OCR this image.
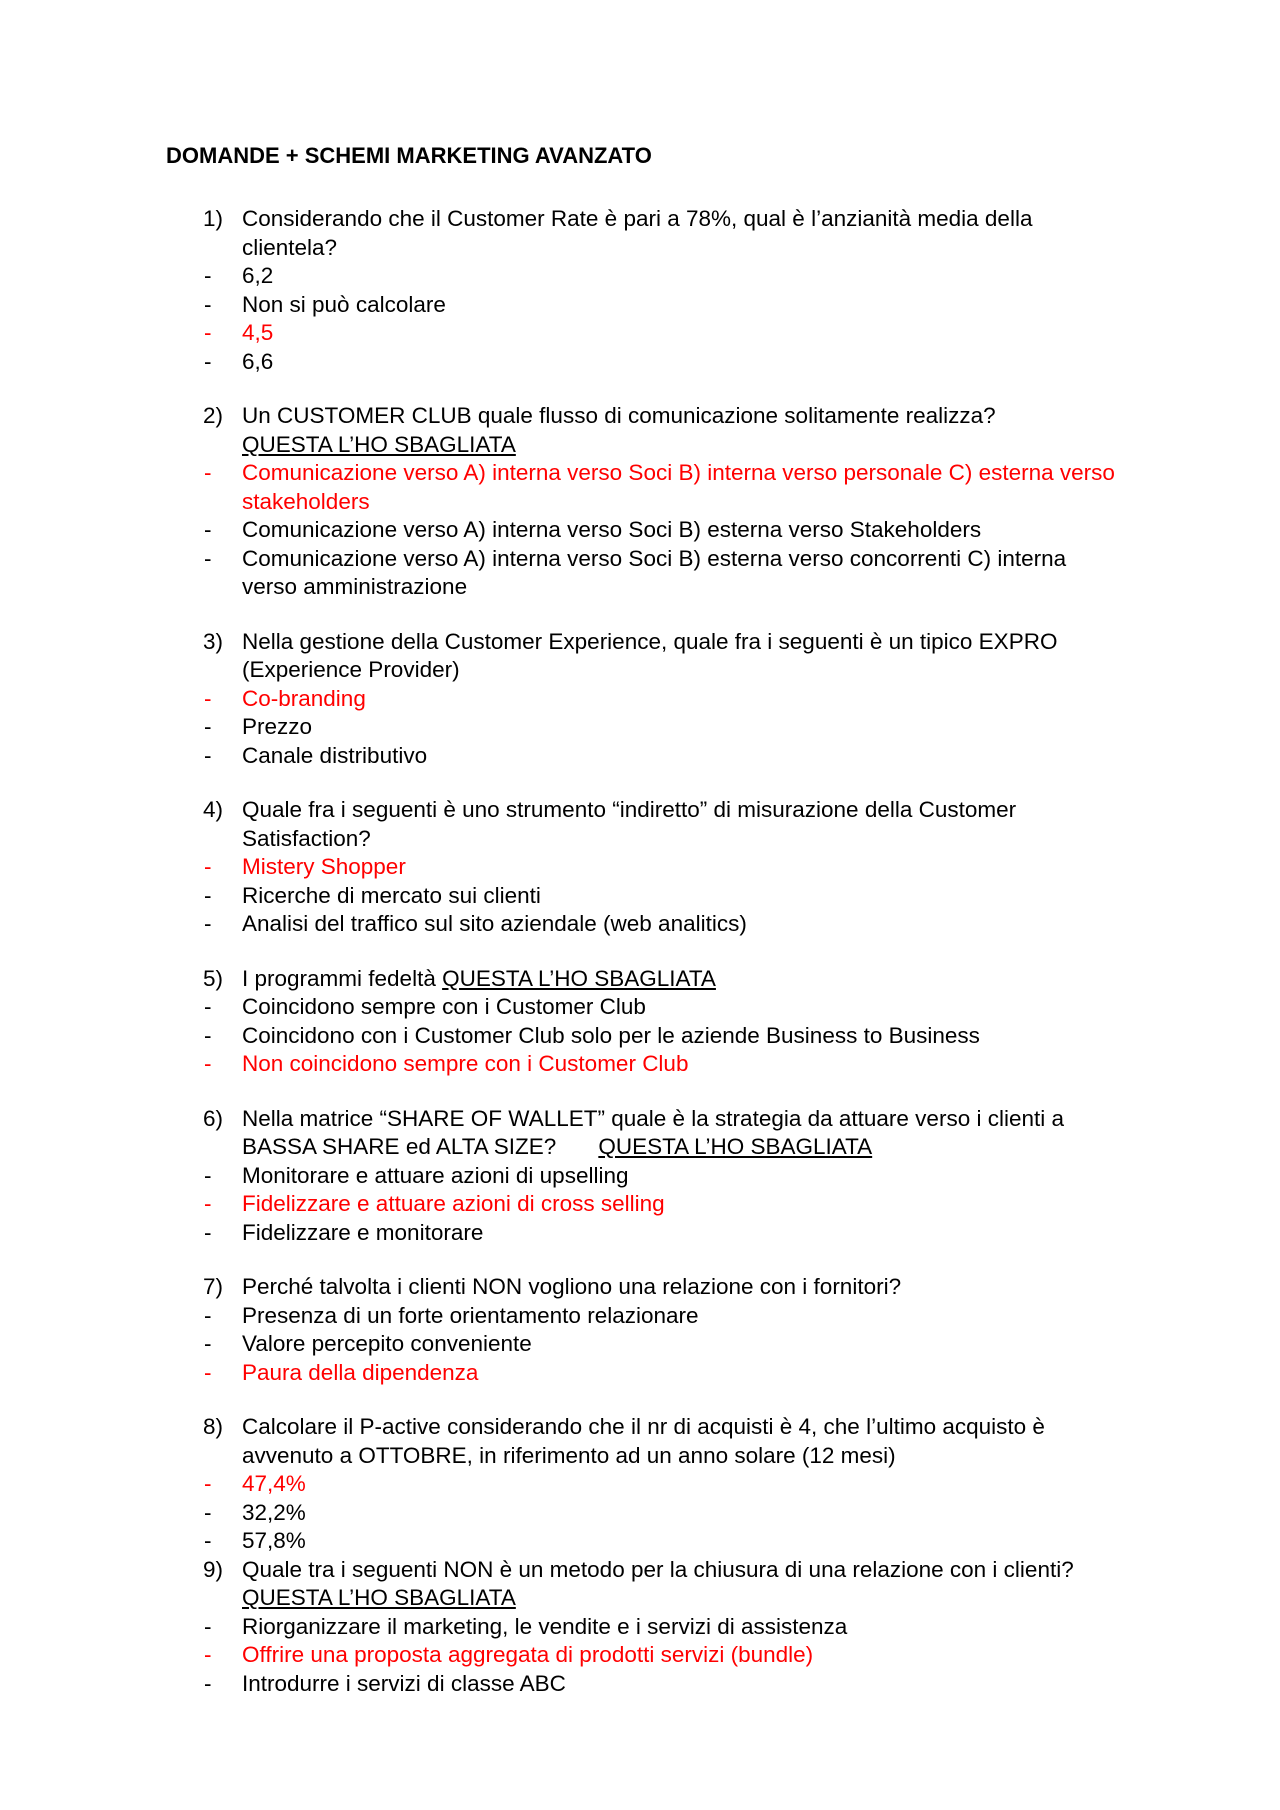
DOMANDE + SCHEMI MARKETING AVANZATO
1) Considerando che il Customer Rate è pari a 78%, qual è l’anzianità media della clientela?
- 6,2
- Non si può calcolare
- 4,5
- 6,6
2) Un CUSTOMER CLUB quale flusso di comunicazione solitamente realizza?
QUESTA L’HO SBAGLIATA
- Comunicazione verso A) interna verso Soci B) interna verso personale C) esterna verso stakeholders
- Comunicazione verso A) interna verso Soci B) esterna verso Stakeholders
- Comunicazione verso A) interna verso Soci B) esterna verso concorrenti C) interna verso amministrazione
3) Nella gestione della Customer Experience, quale fra i seguenti è un tipico EXPRO (Experience Provider)
- Co-branding
- Prezzo
- Canale distributivo
4) Quale fra i seguenti è uno strumento “indiretto” di misurazione della Customer Satisfaction?
- Mistery Shopper
- Ricerche di mercato sui clienti
- Analisi del traffico sul sito aziendale (web analitics)
5) I programmi fedeltà QUESTA L’HO SBAGLIATA
- Coincidono sempre con i Customer Club
- Coincidono con i Customer Club solo per le aziende Business to Business
- Non coincidono sempre con i Customer Club
6) Nella matrice “SHARE OF WALLET” quale è la strategia da attuare verso i clienti a
BASSA SHARE ed ALTA SIZE? QUESTA L’HO SBAGLIATA
- Monitorare e attuare azioni di upselling
- Fidelizzare e attuare azioni di cross selling
- Fidelizzare e monitorare
7) Perché talvolta i clienti NON vogliono una relazione con i fornitori?
- Presenza di un forte orientamento relazionare
- Valore percepito conveniente
- Paura della dipendenza
8) Calcolare il P-active considerando che il nr di acquisti è 4, che l’ultimo acquisto è avvenuto a OTTOBRE, in riferimento ad un anno solare (12 mesi)
- 47,4%
- 32,2%
- 57,8%
9) Quale tra i seguenti NON è un metodo per la chiusura di una relazione con i clienti?
QUESTA L’HO SBAGLIATA
- Riorganizzare il marketing, le vendite e i servizi di assistenza
- Offrire una proposta aggregata di prodotti servizi (bundle)
- Introdurre i servizi di classe ABC
